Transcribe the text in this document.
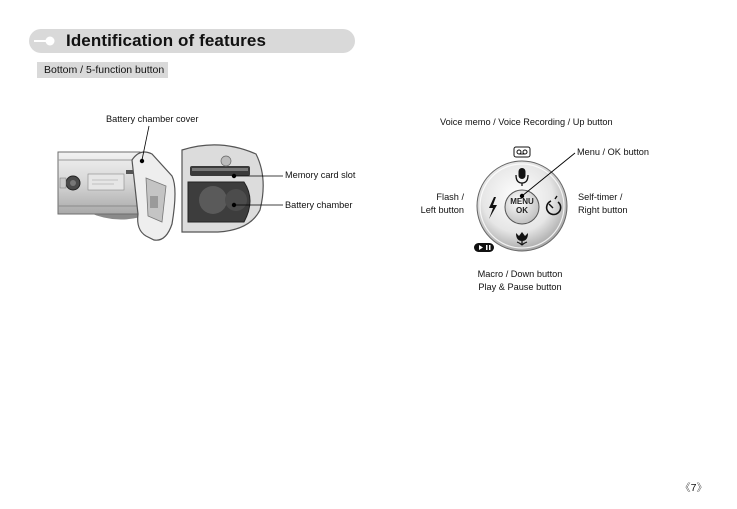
Identification of features
Bottom / 5-function button
MENU
OK
Battery chamber cover
Memory card slot
Battery chamber
Voice memo / Voice Recording / Up button
Menu / OK button
Flash /
Left button
Self-timer /
Right button
Macro / Down button
Play & Pause button
《7》
